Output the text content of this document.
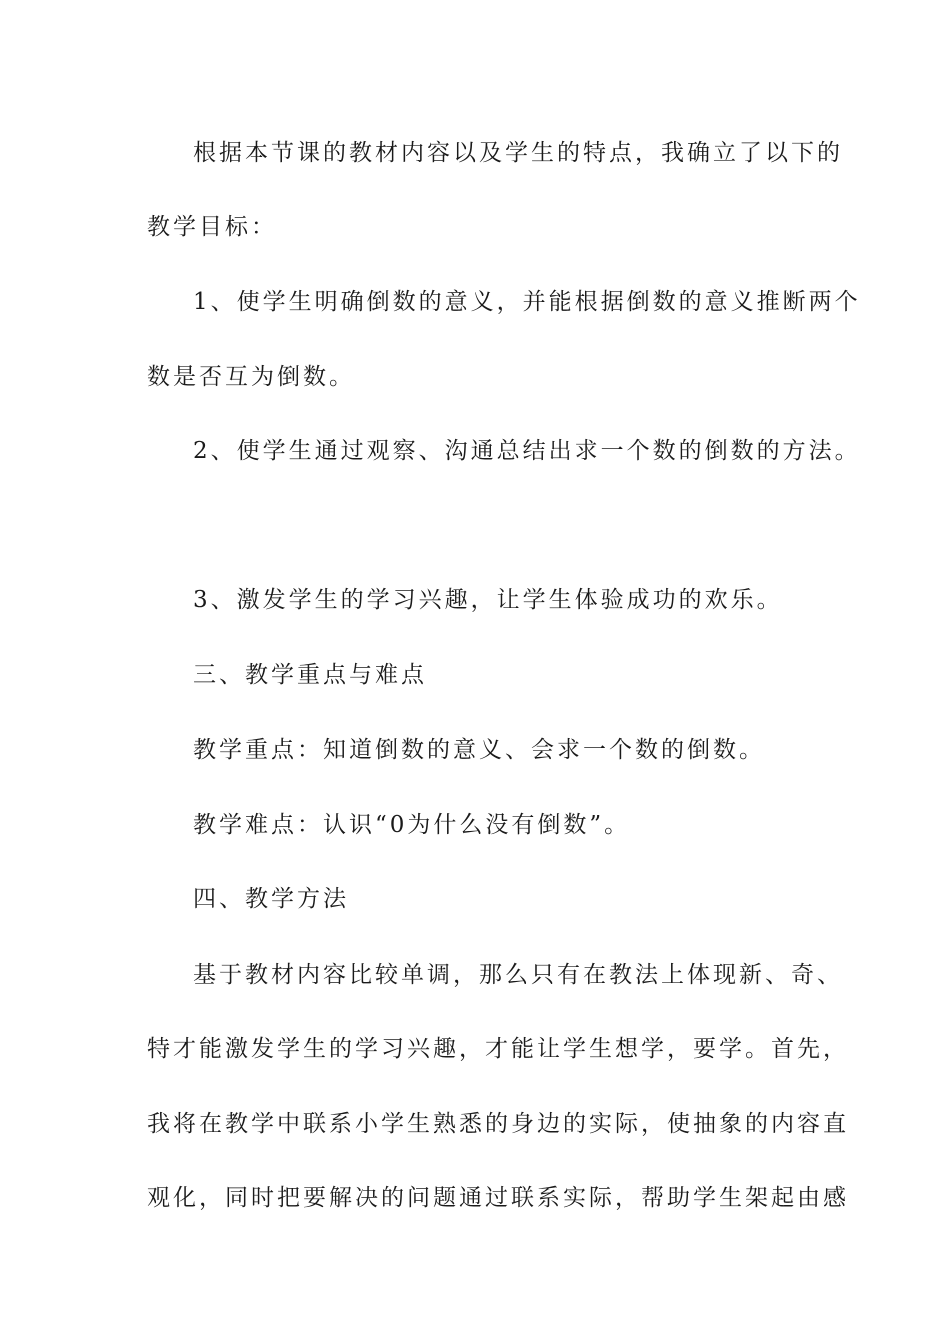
根据本节课的教材内容以及学生的特点，我确立了以下的
教学目标：
1、使学生明确倒数的意义，并能根据倒数的意义推断两个
数是否互为倒数。
2、使学生通过观察、沟通总结出求一个数的倒数的方法。
3、激发学生的学习兴趣，让学生体验成功的欢乐。
三、教学重点与难点
教学重点：知道倒数的意义、会求一个数的倒数。
教学难点：认识“0为什么没有倒数”。
四、教学方法
基于教材内容比较单调，那么只有在教法上体现新、奇、
特才能激发学生的学习兴趣，才能让学生想学，要学。首先，
我将在教学中联系小学生熟悉的身边的实际，使抽象的内容直
观化，同时把要解决的问题通过联系实际，帮助学生架起由感
